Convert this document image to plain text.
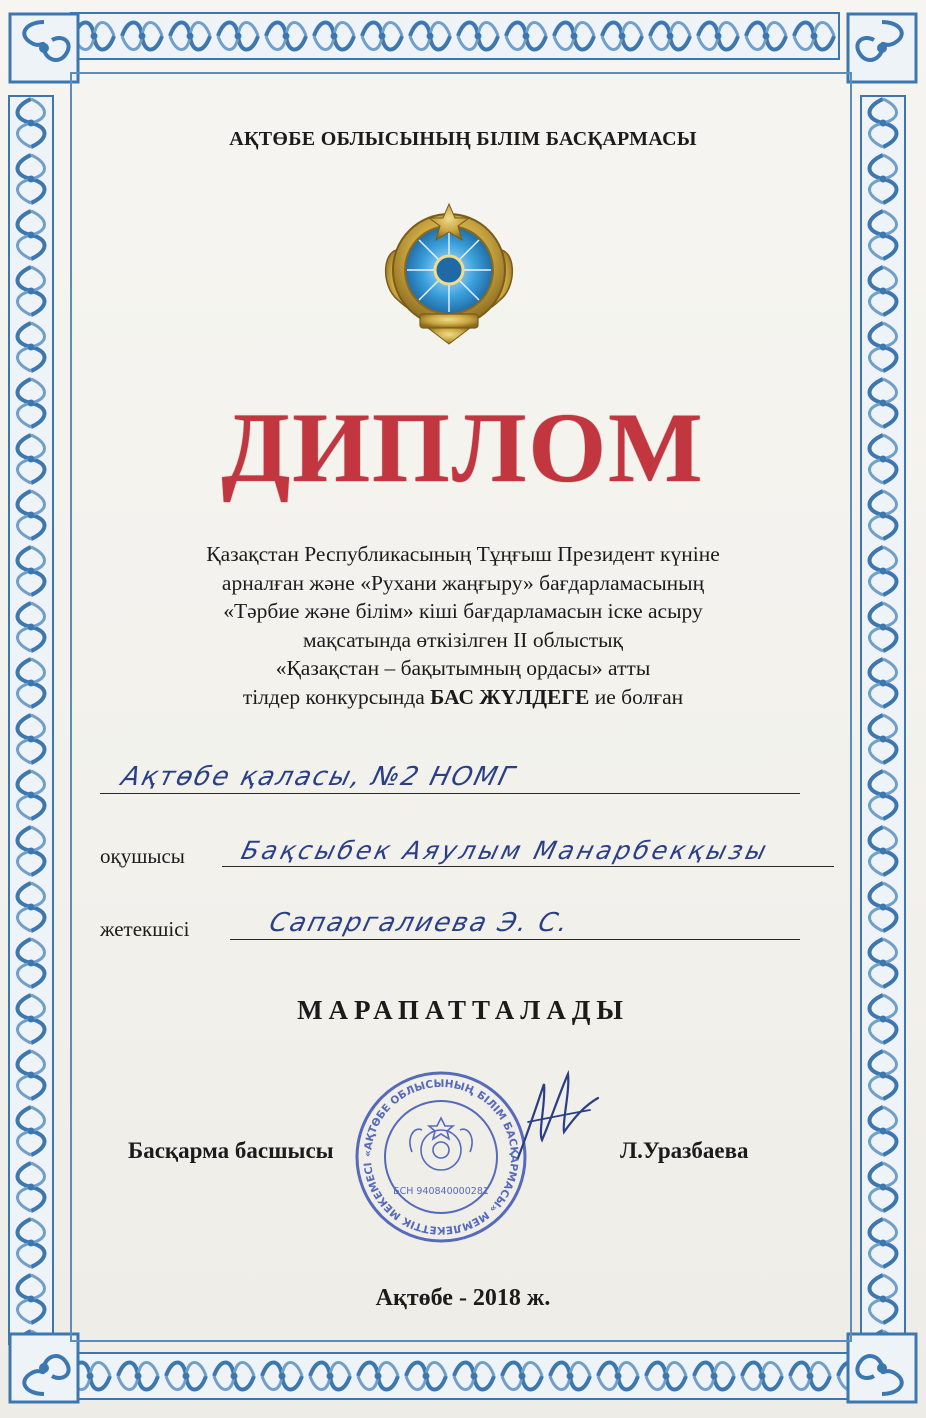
АҚТӨБЕ ОБЛЫСЫНЫҢ БІЛІМ БАСҚАРМАСЫ
ДИПЛОМ
Қазақстан Республикасының Тұңғыш Президент күніне
арналған және «Рухани жаңғыру» бағдарламасының
«Тәрбие және білім» кіші бағдарламасын іске асыру
мақсатында өткізілген II облыстық
«Қазақстан – бақытымның ордасы» атты
тілдер конкурсында БАС ЖҮЛДЕГЕ ие болған
Ақтөбе қаласы, №2 НОМГ
оқушысы Бақсыбек Аяулым Манарбекқызы
жетекшісі	Сапаргалиева Э. С.
МАРАПАТТАЛАДЫ
«АҚТӨБЕ ОБЛЫСЫНЫҢ БІЛІМ БАСҚАРМАСЫ» МЕМЛЕКЕТТІК МЕКЕМЕСІ
БСН 940840000281
Басқарма басшысы	Л.Уразбаева
Ақтөбе - 2018 ж.
